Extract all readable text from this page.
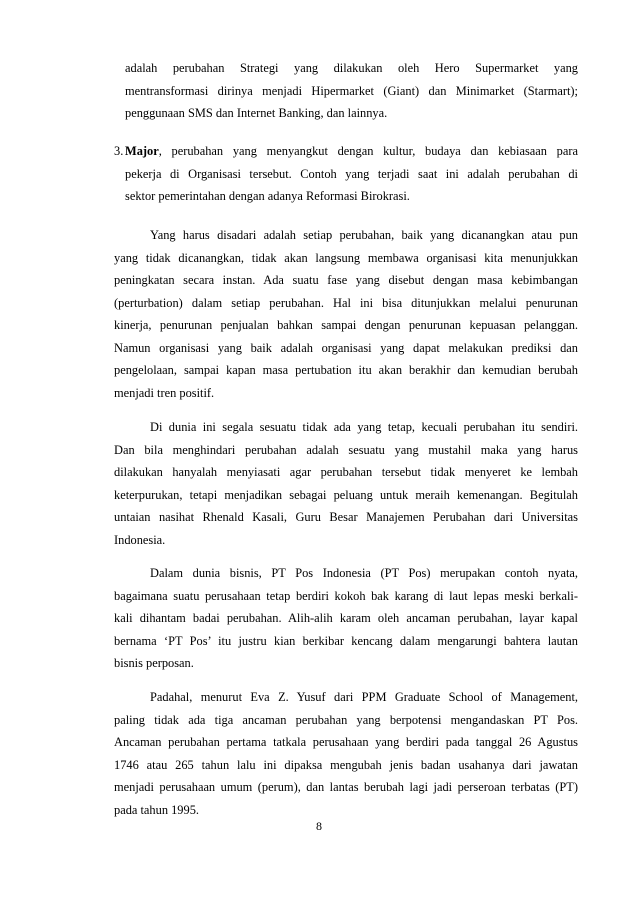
adalah perubahan Strategi yang dilakukan oleh Hero Supermarket yang
mentransformasi dirinya menjadi Hipermarket (Giant) dan Minimarket (Starmart);
penggunaan SMS dan Internet Banking, dan lainnya.
3. Major, perubahan yang menyangkut dengan kultur, budaya dan kebiasaan para
pekerja di Organisasi tersebut. Contoh yang terjadi saat ini adalah perubahan di
sektor pemerintahan dengan adanya Reformasi Birokrasi.
Yang harus disadari adalah setiap perubahan, baik yang dicanangkan atau pun
yang tidak dicanangkan, tidak akan langsung membawa organisasi kita menunjukkan
peningkatan secara instan. Ada suatu fase yang disebut dengan masa kebimbangan
(perturbation) dalam setiap perubahan. Hal ini bisa ditunjukkan melalui penurunan
kinerja, penurunan penjualan bahkan sampai dengan penurunan kepuasan pelanggan.
Namun organisasi yang baik adalah organisasi yang dapat melakukan prediksi dan
pengelolaan, sampai kapan masa pertubation itu akan berakhir dan kemudian berubah
menjadi tren positif.
Di dunia ini segala sesuatu tidak ada yang tetap, kecuali perubahan itu sendiri.
Dan bila menghindari perubahan adalah sesuatu yang mustahil maka yang harus
dilakukan hanyalah menyiasati agar perubahan tersebut tidak menyeret ke lembah
keterpurukan, tetapi menjadikan sebagai peluang untuk meraih kemenangan. Begitulah
untaian nasihat Rhenald Kasali, Guru Besar Manajemen Perubahan dari Universitas
Indonesia.
Dalam dunia bisnis, PT Pos Indonesia (PT Pos) merupakan contoh nyata,
bagaimana suatu perusahaan tetap berdiri kokoh bak karang di laut lepas meski berkali-
kali dihantam badai perubahan. Alih-alih karam oleh ancaman perubahan, layar kapal
bernama ‘PT Pos’ itu justru kian berkibar kencang dalam mengarungi bahtera lautan
bisnis perposan.
Padahal, menurut Eva Z. Yusuf dari PPM Graduate School of Management,
paling tidak ada tiga ancaman perubahan yang berpotensi mengandaskan PT Pos.
Ancaman perubahan pertama tatkala perusahaan yang berdiri pada tanggal 26 Agustus
1746 atau 265 tahun lalu ini dipaksa mengubah jenis badan usahanya dari jawatan
menjadi perusahaan umum (perum), dan lantas berubah lagi jadi perseroan terbatas (PT)
pada tahun 1995.
8
